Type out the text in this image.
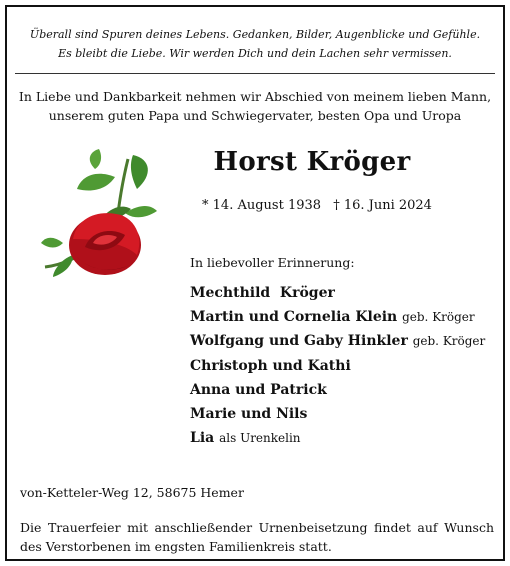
Überall sind Spuren deines Lebens. Gedanken, Bilder, Augenblicke und Gefühle.
Es bleibt die Liebe. Wir werden Dich und dein Lachen sehr vermissen.
In Liebe und Dankbarkeit nehmen wir Abschied von meinem lieben Mann,
unserem guten Papa und Schwiegervater, besten Opa und Uropa
Horst Kröger
* 14. August 1938 † 16. Juni 2024
In liebevoller Erinnerung:
Mechthild  Kröger
Martin und Cornelia Klein geb. Kröger
Wolfgang und Gaby Hinkler geb. Kröger
Christoph und Kathi
Anna und Patrick
Marie und Nils
Lia als Urenkelin
von-Ketteler-Weg 12, 58675 Hemer
Die Trauerfeier mit anschließender Urnenbeisetzung findet auf Wunsch des Verstorbenen im engsten Familienkreis statt.
